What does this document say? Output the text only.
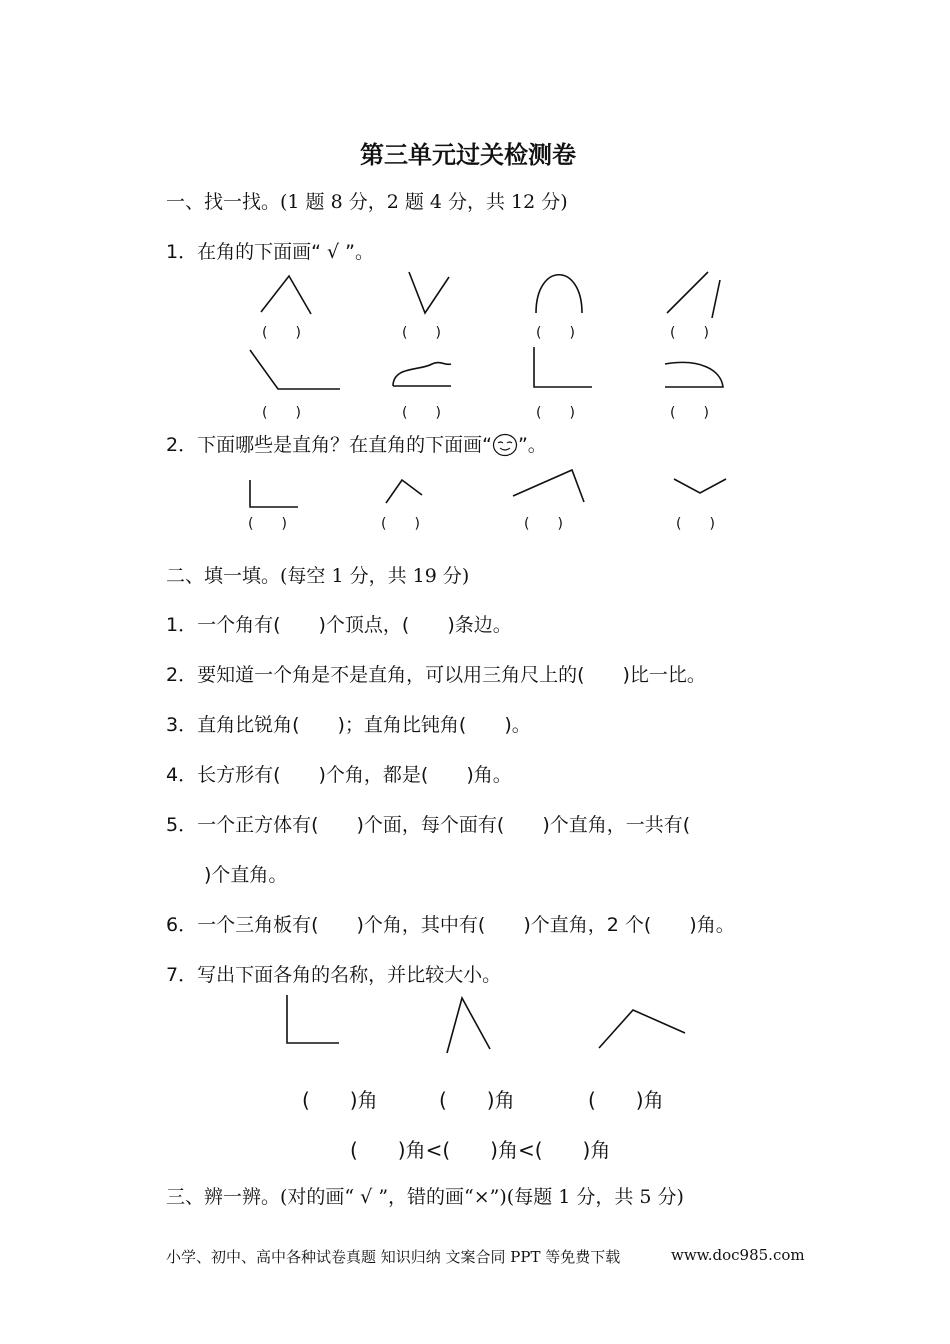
第三单元过关检测卷
一、找一找。(1 题 8 分，2 题 4 分，共 12 分)
1．在角的下面画“ √ ”。
(　　)	(　　)	(　　)	(　　)
(　　)	(　　)	(　　)	(　　)
2．下面哪些是直角？在直角的下面画“ ”。
(　　)	(　　)	(　　)	(　　)
二、填一填。(每空 1 分，共 19 分)
1．一个角有(　　)个顶点，(　　)条边。
2．要知道一个角是不是直角，可以用三角尺上的(　　)比一比。
3．直角比锐角(　　)；直角比钝角(　　)。
4．长方形有(　　)个角，都是(　　)角。
5．一个正方体有(　　)个面，每个面有(　　)个直角，一共有(
)个直角。
6．一个三角板有(　　)个角，其中有(　　)个直角，2 个(　　)角。
7．写出下面各角的名称，并比较大小。
(　　)角	(　　)角	(　　)角
(　　)角<(　　)角<(　　)角
三、辨一辨。(对的画“ √ ”，错的画“×”)(每题 1 分，共 5 分)
小学、初中、高中各种试卷真题 知识归纳 文案合同 PPT 等免费下载	www.doc985.com
